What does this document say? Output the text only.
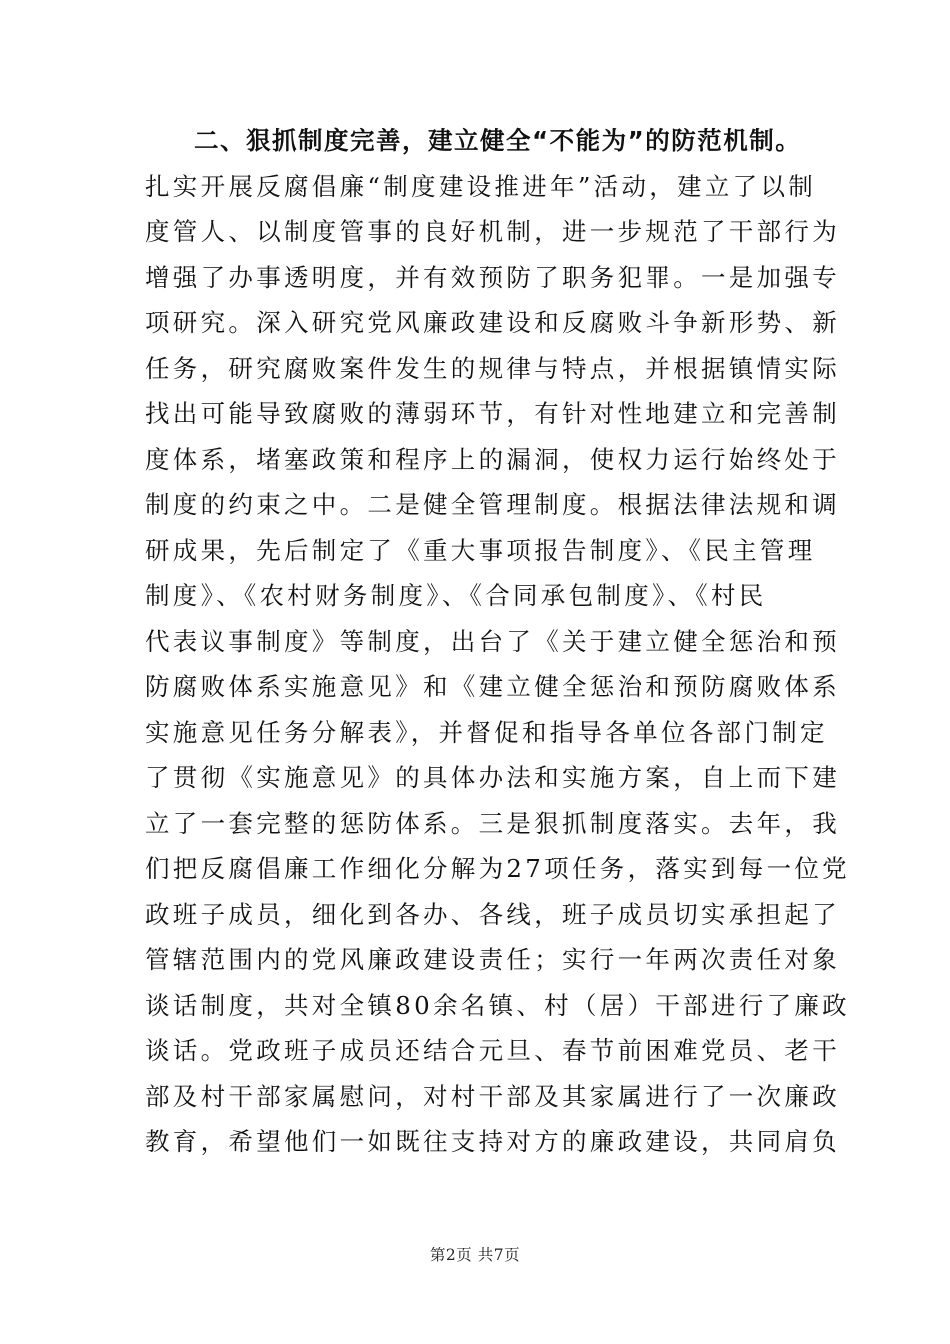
二、狠抓制度完善，建立健全“不能为”的防范机制。
扎实开展反腐倡廉“制度建设推进年”活动，建立了以制
度管人、以制度管事的良好机制，进一步规范了干部行为
增强了办事透明度，并有效预防了职务犯罪。一是加强专
项研究。深入研究党风廉政建设和反腐败斗争新形势、新
任务，研究腐败案件发生的规律与特点，并根据镇情实际
找出可能导致腐败的薄弱环节，有针对性地建立和完善制
度体系，堵塞政策和程序上的漏洞，使权力运行始终处于
制度的约束之中。二是健全管理制度。根据法律法规和调
研成果，先后制定了《重大事项报告制度》、《民主管理
制度》、《农村财务制度》、《合同承包制度》、《村民
代表议事制度》等制度，出台了《关于建立健全惩治和预
防腐败体系实施意见》和《建立健全惩治和预防腐败体系
实施意见任务分解表》，并督促和指导各单位各部门制定
了贯彻《实施意见》的具体办法和实施方案，自上而下建
立了一套完整的惩防体系。三是狠抓制度落实。去年，我
们把反腐倡廉工作细化分解为27项任务，落实到每一位党
政班子成员，细化到各办、各线，班子成员切实承担起了
管辖范围内的党风廉政建设责任；实行一年两次责任对象
谈话制度，共对全镇80余名镇、村（居）干部进行了廉政
谈话。党政班子成员还结合元旦、春节前困难党员、老干
部及村干部家属慰问，对村干部及其家属进行了一次廉政
教育，希望他们一如既往支持对方的廉政建设，共同肩负
第2页 共7页
